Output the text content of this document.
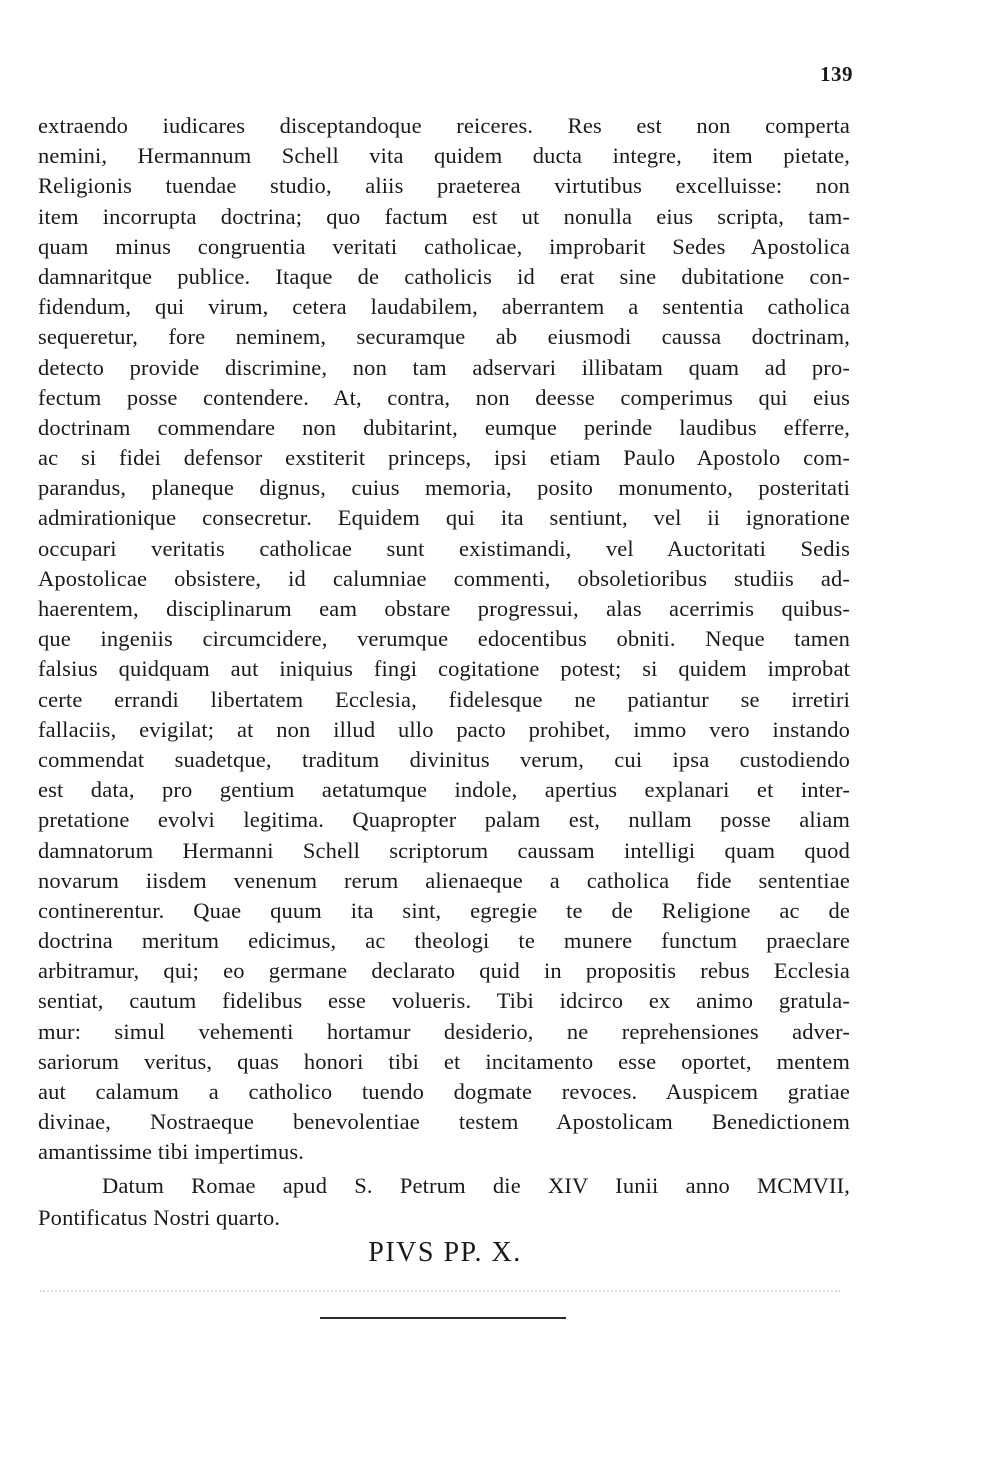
139
extraendo iudicares disceptandoque reiceres. Res est non comperta
nemini, Hermannum Schell vita quidem ducta integre, item pietate,
Religionis tuendae studio, aliis praeterea virtutibus excelluisse: non
item incorrupta doctrina; quo factum est ut nonulla eius scripta, tam-
quam minus congruentia veritati catholicae, improbarit Sedes Apostolica
damnaritque publice. Itaque de catholicis id erat sine dubitatione con-
fidendum, qui virum, cetera laudabilem, aberrantem a sententia catholica
sequeretur, fore neminem, securamque ab eiusmodi caussa doctrinam,
detecto provide discrimine, non tam adservari illibatam quam ad pro-
fectum posse contendere. At, contra, non deesse comperimus qui eius
doctrinam commendare non dubitarint, eumque perinde laudibus efferre,
ac si fidei defensor exstiterit princeps, ipsi etiam Paulo Apostolo com-
parandus, planeque dignus, cuius memoria, posito monumento, posteritati
admirationique consecretur. Equidem qui ita sentiunt, vel ii ignoratione
occupari veritatis catholicae sunt existimandi, vel Auctoritati Sedis
Apostolicae obsistere, id calumniae commenti, obsoletioribus studiis ad-
haerentem, disciplinarum eam obstare progressui, alas acerrimis quibus-
que ingeniis circumcidere, verumque edocentibus obniti. Neque tamen
falsius quidquam aut iniquius fingi cogitatione potest; si quidem improbat
certe errandi libertatem Ecclesia, fidelesque ne patiantur se irretiri
fallaciis, evigilat; at non illud ullo pacto prohibet, immo vero instando
commendat suadetque, traditum divinitus verum, cui ipsa custodiendo
est data, pro gentium aetatumque indole, apertius explanari et inter-
pretatione evolvi legitima. Quapropter palam est, nullam posse aliam
damnatorum Hermanni Schell scriptorum caussam intelligi quam quod
novarum iisdem venenum rerum alienaeque a catholica fide sententiae
continerentur. Quae quum ita sint, egregie te de Religione ac de
doctrina meritum edicimus, ac theologi te munere functum praeclare
arbitramur, qui; eo germane declarato quid in propositis rebus Ecclesia
sentiat, cautum fidelibus esse volueris. Tibi idcirco ex animo gratula-
mur: simul vehementi hortamur desiderio, ne reprehensiones adver-
sariorum veritus, quas honori tibi et incitamento esse oportet, mentem
aut calamum a catholico tuendo dogmate revoces. Auspicem gratiae
divinae, Nostraeque benevolentiae testem Apostolicam Benedictionem
amantissime tibi impertimus.
Datum Romae apud S. Petrum die XIV Iunii anno MCMVII,
Pontificatus Nostri quarto.
PIVS PP. X.
